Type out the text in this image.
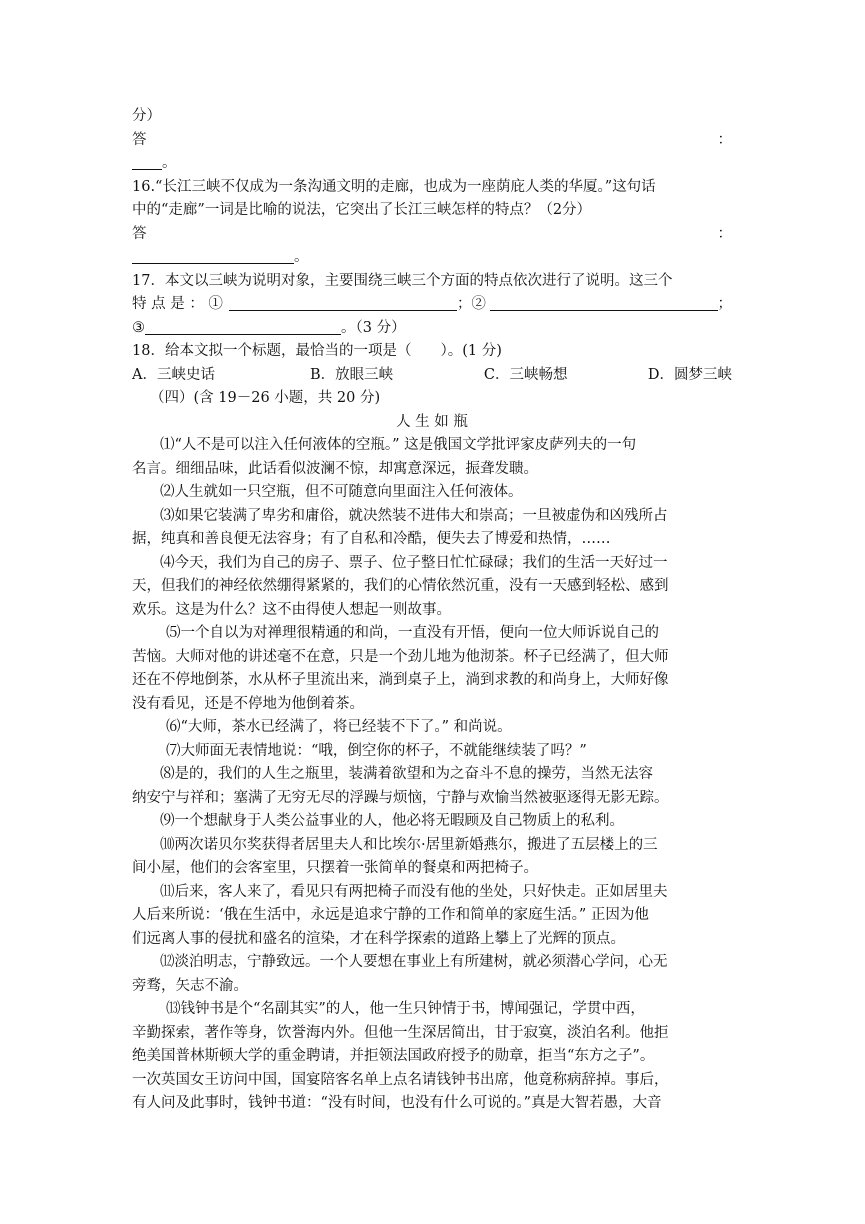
分）
答	：
。
16.“长江三峡不仅成为一条沟通文明的走廊，也成为一座荫庇人类的华厦。”这句话
中的“走廊”一词是比喻的说法，它突出了长江三峡怎样的特点？（2分）
答	：
。
17．本文以三峡为说明对象，主要围绕三峡三个方面的特点依次进行了说明。这三个
特 点 是 ： ①	；②	；
③	。（3 分）
18．给本文拟一个标题，最恰当的一项是（　　）。(1 分)
A．三峡史话	B．放眼三峡	C．三峡畅想	D．圆梦三峡
（四）(含 19－26 小题，共 20 分)
人 生 如 瓶
⑴“人不是可以注入任何液体的空瓶。” 这是俄国文学批评家皮萨列夫的一句
名言。细细品味，此话看似波澜不惊，却寓意深远，振聋发聩。
⑵人生就如一只空瓶，但不可随意向里面注入任何液体。
⑶如果它装满了卑劣和庸俗，就决然装不进伟大和崇高；一旦被虚伪和凶残所占
据，纯真和善良便无法容身；有了自私和冷酷，便失去了博爱和热情，……
⑷今天，我们为自己的房子、票子、位子整日忙忙碌碌；我们的生活一天好过一
天，但我们的神经依然绷得紧紧的，我们的心情依然沉重，没有一天感到轻松、感到
欢乐。这是为什么？这不由得使人想起一则故事。
⑸一个自以为对禅理很精通的和尚，一直没有开悟，便向一位大师诉说自己的
苦恼。大师对他的讲述毫不在意，只是一个劲儿地为他沏茶。杯子已经满了，但大师
还在不停地倒茶，水从杯子里流出来，淌到桌子上，淌到求教的和尚身上，大师好像
没有看见，还是不停地为他倒着茶。
⑹“大师，茶水已经满了，将已经装不下了。” 和尚说。
⑺大师面无表情地说：“哦，倒空你的杯子，不就能继续装了吗？”
⑻是的，我们的人生之瓶里，装满着欲望和为之奋斗不息的操劳，当然无法容
纳安宁与祥和；塞满了无穷无尽的浮躁与烦恼，宁静与欢愉当然被驱逐得无影无踪。
⑼一个想献身于人类公益事业的人，他必将无暇顾及自己物质上的私利。
⑽两次诺贝尔奖获得者居里夫人和比埃尔·居里新婚燕尔，搬进了五层楼上的三
间小屋，他们的会客室里，只摆着一张简单的餐桌和两把椅子。
⑾后来，客人来了，看见只有两把椅子而没有他的坐处，只好快走。正如居里夫
人后来所说：‘俄在生活中，永远是追求宁静的工作和简单的家庭生活。” 正因为他
们远离人事的侵扰和盛名的渲染，才在科学探索的道路上攀上了光辉的顶点。
⑿淡泊明志，宁静致远。一个人要想在事业上有所建树，就必须潜心学问，心无
旁骛，矢志不渝。
⒀钱钟书是个“名副其实”的人，他一生只钟情于书，博闻强记，学贯中西，
辛勤探索，著作等身，饮誉海内外。但他一生深居简出，甘于寂寞，淡泊名利。他拒
绝美国普林斯顿大学的重金聘请，并拒领法国政府授予的勋章，拒当“东方之子”。
一次英国女王访问中国，国宴陪客名单上点名请钱钟书出席，他竟称病辞掉。事后，
有人问及此事时，钱钟书道：“没有时间，也没有什么可说的。”真是大智若愚，大音
